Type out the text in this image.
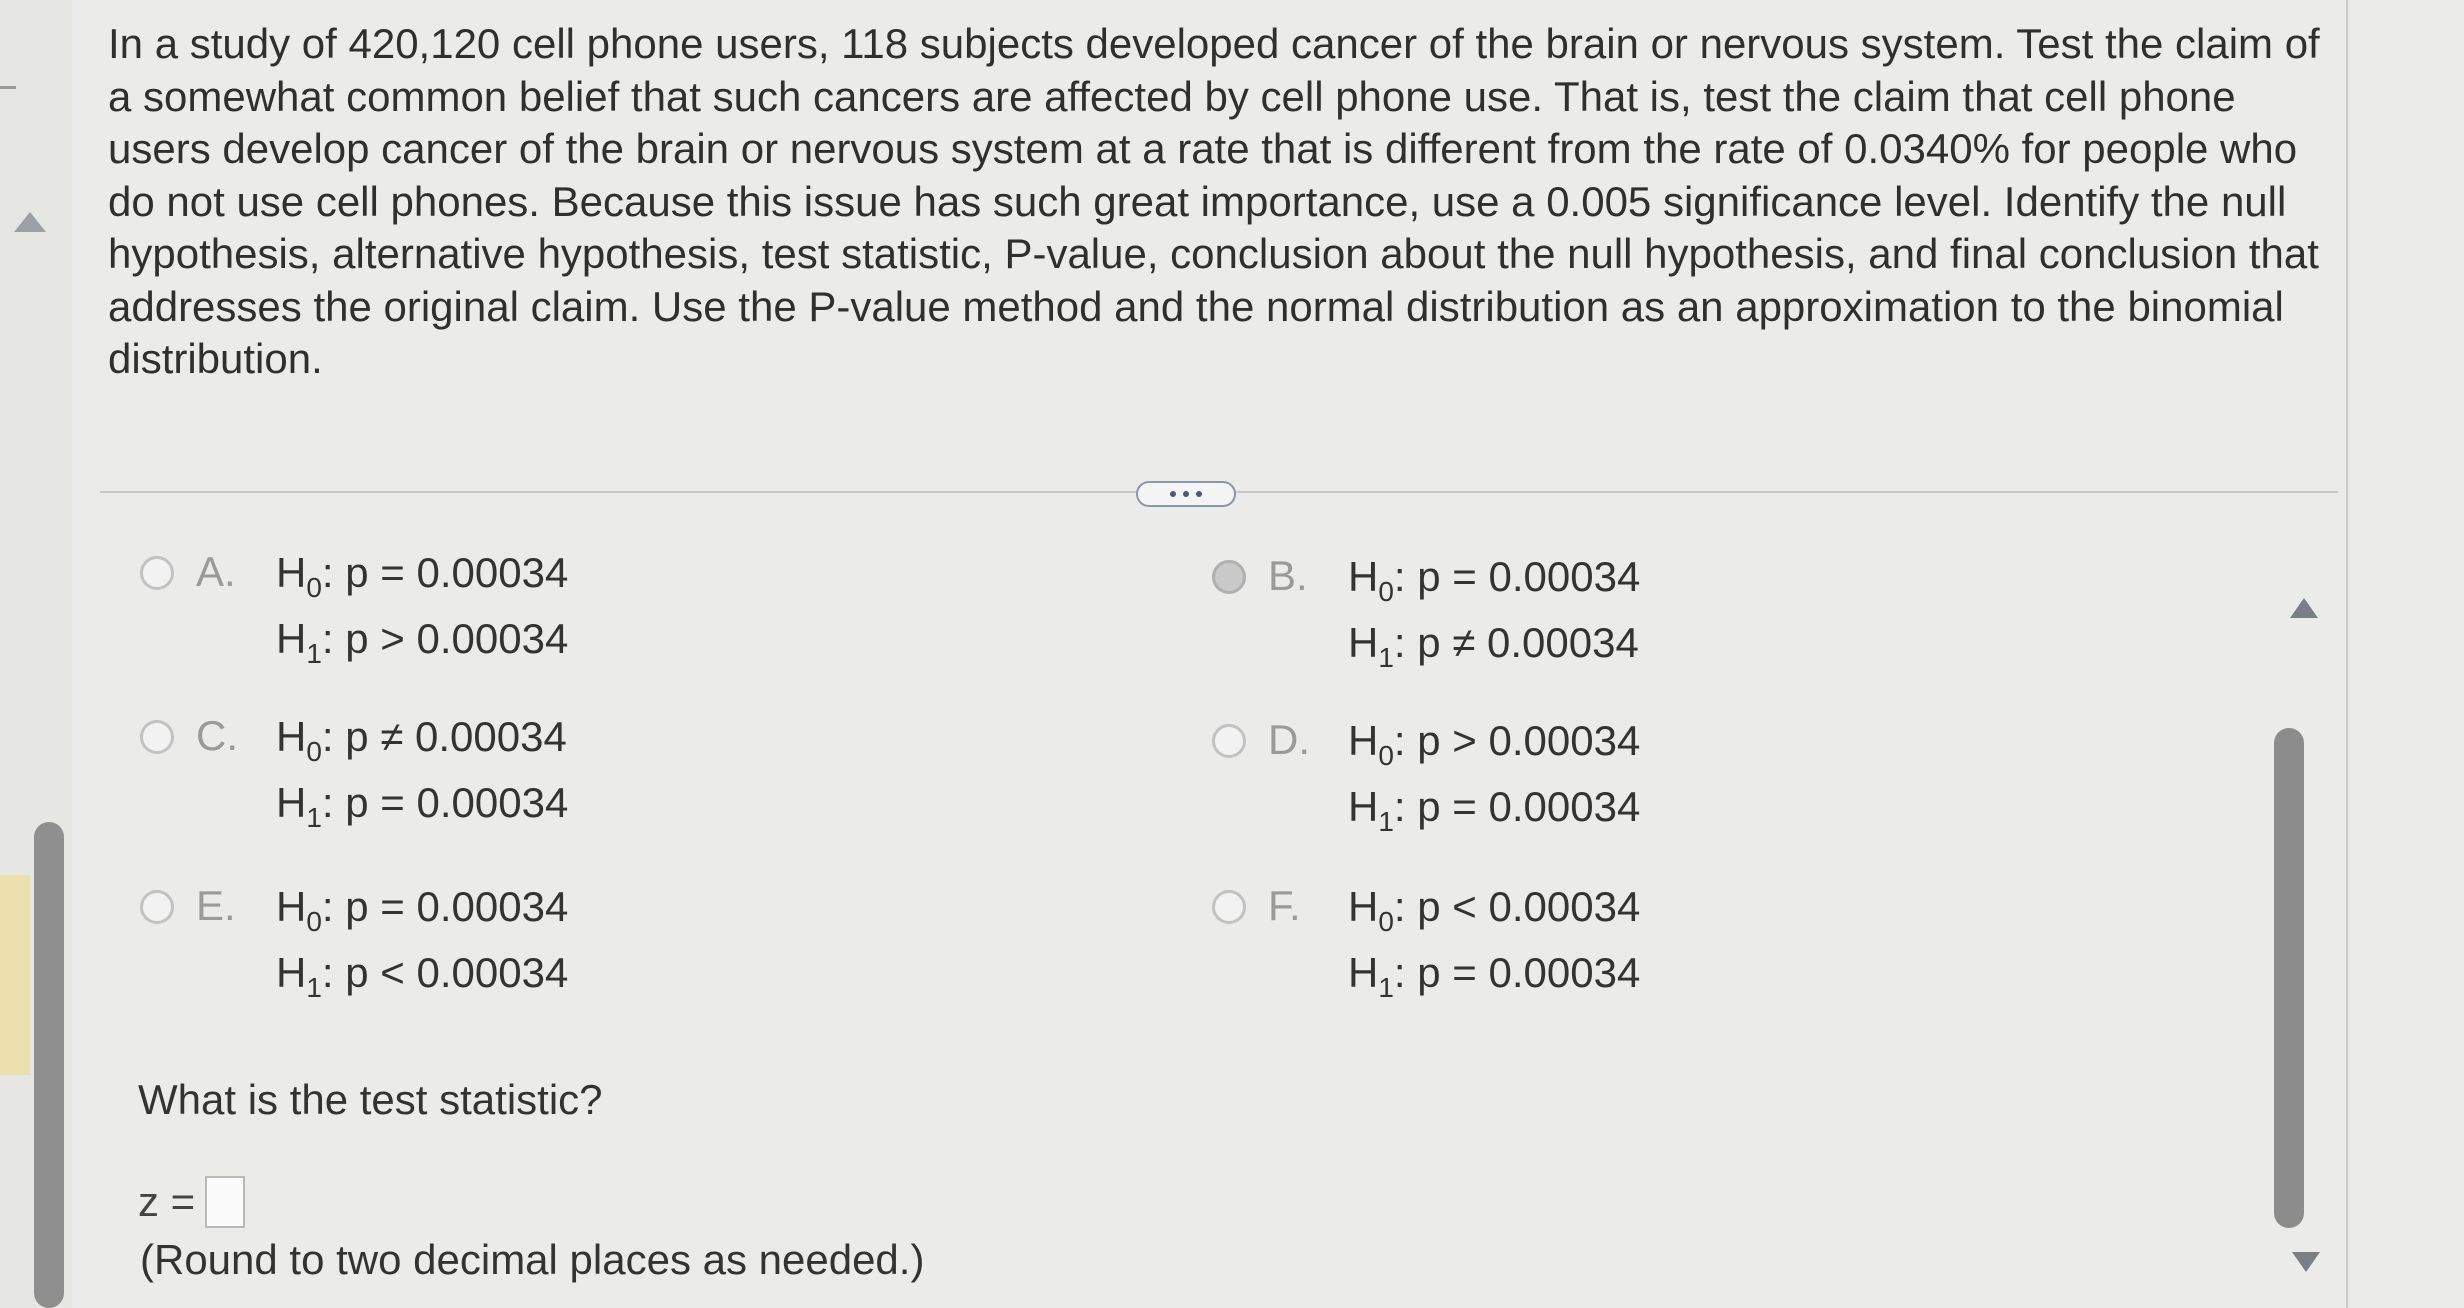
In a study of 420,120 cell phone users, 118 subjects developed cancer of the brain or nervous system. Test the claim of a somewhat common belief that such cancers are affected by cell phone use. That is, test the claim that cell phone users develop cancer of the brain or nervous system at a rate that is different from the rate of 0.0340% for people who do not use cell phones. Because this issue has such great importance, use a 0.005 significance level. Identify the null hypothesis, alternative hypothesis, test statistic, P-value, conclusion about the null hypothesis, and final conclusion that addresses the original claim. Use the P-value method and the normal distribution as an approximation to the binomial distribution.

A. $H_0$: p = 0.00034
$H_1$: p > 0.00034
B. $H_0$: p = 0.00034
$H_1$: p ≠ 0.00034
C. $H_0$: p ≠ 0.00034
$H_1$: p = 0.00034
D. $H_0$: p > 0.00034
$H_1$: p = 0.00034
E. $H_0$: p = 0.00034
$H_1$: p < 0.00034
F. $H_0$: p < 0.00034
$H_1$: p = 0.00034
What is the test statistic?
z =
(Round to two decimal places as needed.)
